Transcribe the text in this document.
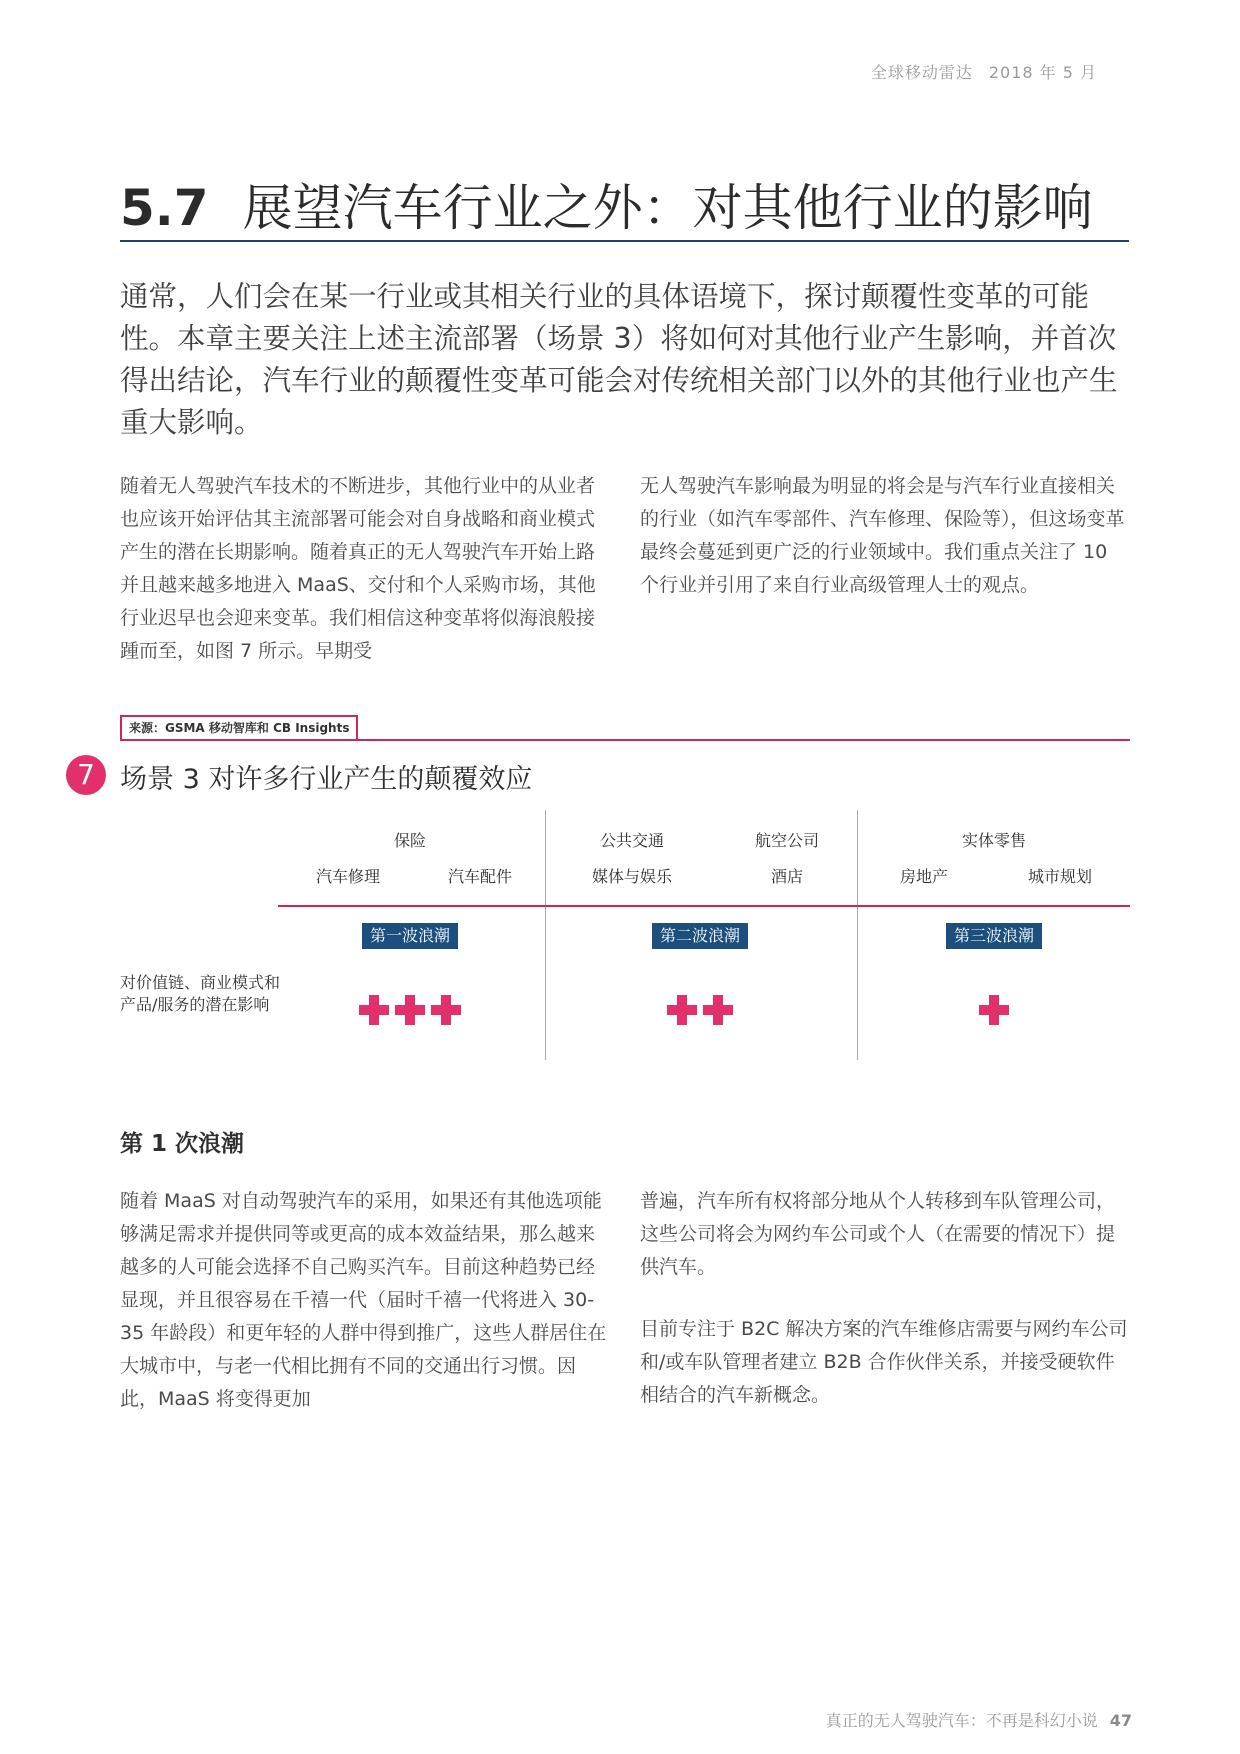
全球移动雷达 2018 年 5 月
5.7 展望汽车行业之外：对其他行业的影响

通常，人们会在某一行业或其相关行业的具体语境下，探讨颠覆性变革的可能性。本章主要关注上述主流部署（场景 3）将如何对其他行业产生影响，并首次得出结论，汽车行业的颠覆性变革可能会对传统相关部门以外的其他行业也产生重大影响。

随着无人驾驶汽车技术的不断进步，其他行业中的从业者也应该开始评估其主流部署可能会对自身战略和商业模式产生的潜在长期影响。随着真正的无人驾驶汽车开始上路并且越来越多地进入 MaaS、交付和个人采购市场，其他行业迟早也会迎来变革。我们相信这种变革将似海浪般接踵而至，如图 7 所示。早期受

无人驾驶汽车影响最为明显的将会是与汽车行业直接相关的行业（如汽车零部件、汽车修理、保险等），但这场变革最终会蔓延到更广泛的行业领域中。我们重点关注了 10 个行业并引用了来自行业高级管理人士的观点。

来源：GSMA 移动智库和 CB Insights
7 场景 3 对许多行业产生的颠覆效应
保险
汽车修理	汽车配件
公共交通	航空公司
媒体与娱乐	酒店
实体零售
房地产	城市规划
第一波浪潮	第二波浪潮	第三波浪潮
对价值链、商业模式和产品/服务的潜在影响
第 1 次浪潮

随着 MaaS 对自动驾驶汽车的采用，如果还有其他选项能够满足需求并提供同等或更高的成本效益结果，那么越来越多的人可能会选择不自己购买汽车。目前这种趋势已经显现，并且很容易在千禧一代（届时千禧一代将进入 30-35 年龄段）和更年轻的人群中得到推广，这些人群居住在大城市中，与老一代相比拥有不同的交通出行习惯。因此，MaaS 将变得更加

普遍，汽车所有权将部分地从个人转移到车队管理公司，这些公司将会为网约车公司或个人（在需要的情况下）提供汽车。

目前专注于 B2C 解决方案的汽车维修店需要与网约车公司和/或车队管理者建立 B2B 合作伙伴关系，并接受硬软件相结合的汽车新概念。

真正的无人驾驶汽车：不再是科幻小说 47
